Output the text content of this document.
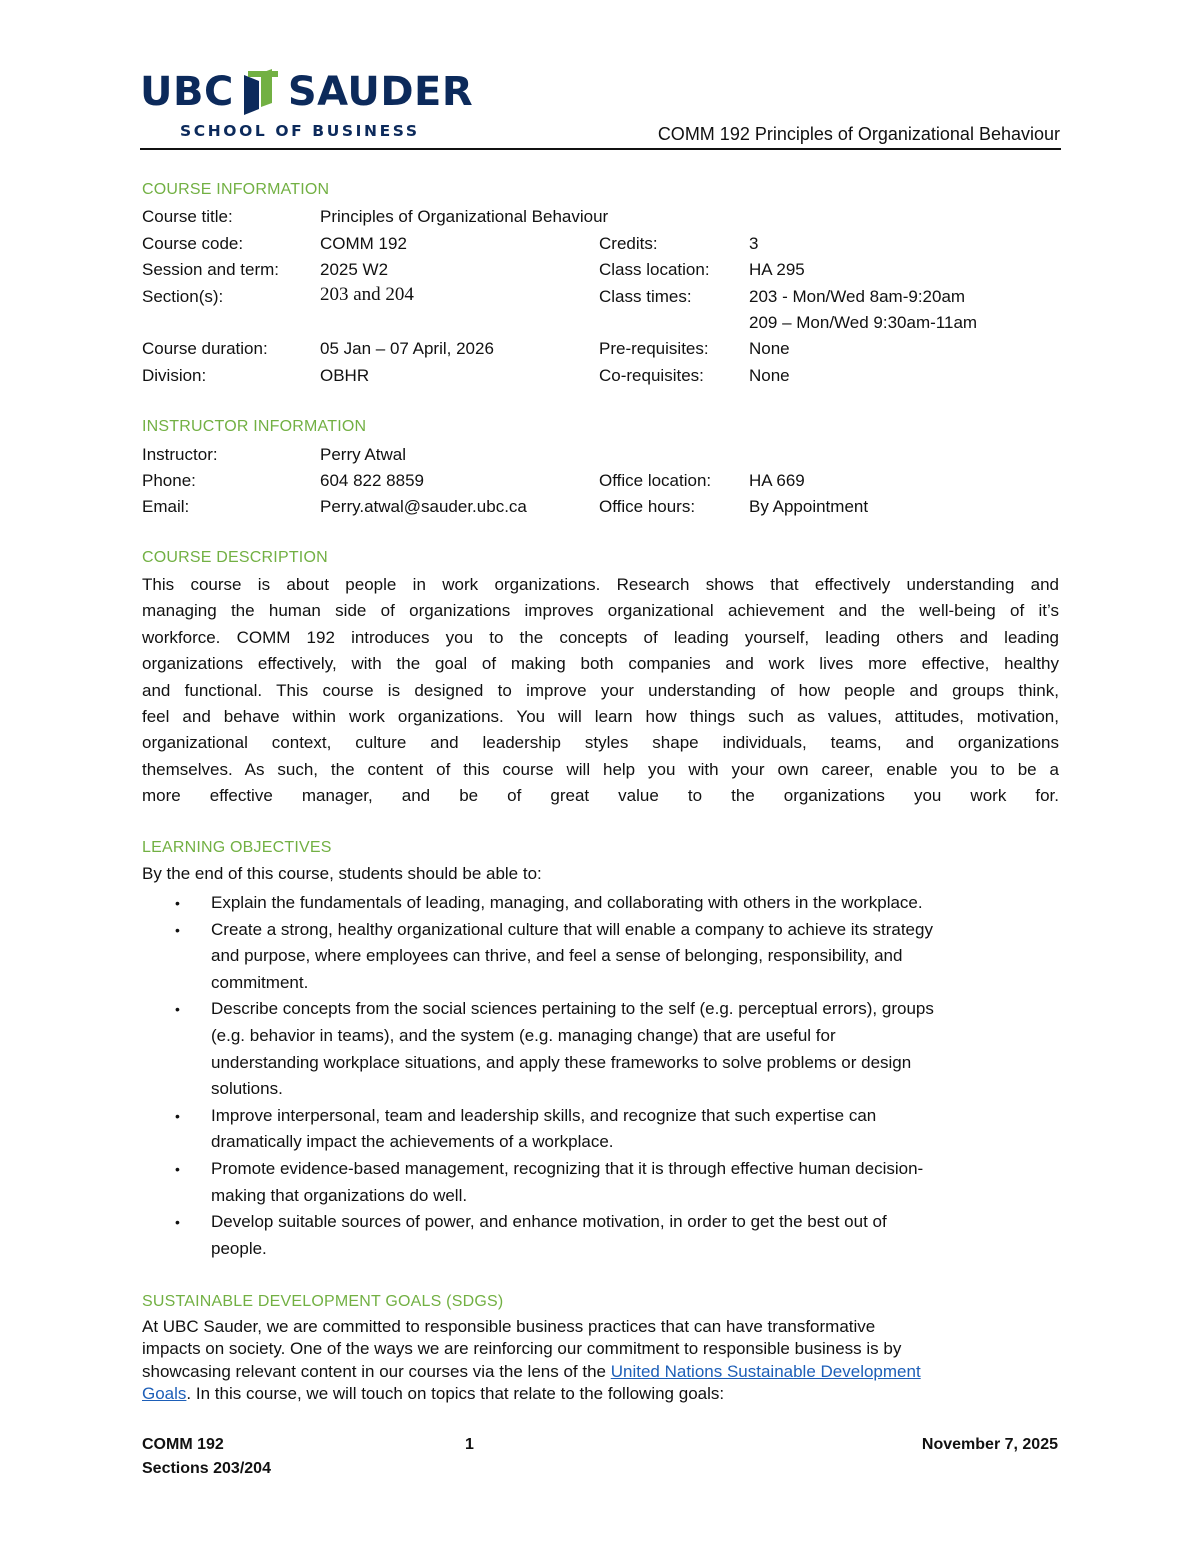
UBC SAUDER
SCHOOL OF BUSINESS	COMM 192 Principles of Organizational Behaviour
COURSE INFORMATION
Course title:	Principles of Organizational Behaviour
Course code:	COMM 192	Credits:	3
Session and term: 2025 W2	Class location: HA 295
Section(s):	203 and 204	Class times:	203 - Mon/Wed 8am-9:20am
209 – Mon/Wed 9:30am-11am
Course duration:	05 Jan – 07 April, 2026	Pre-requisites: None
Division:	OBHR	Co-requisites:	None
INSTRUCTOR INFORMATION
Instructor:	Perry Atwal
Phone:	604 822 8859	Office location: HA 669
Email:	Perry.atwal@sauder.ubc.ca	Office hours:	By Appointment
COURSE DESCRIPTION

This course is about people in work organizations. Research shows that effectively understanding and

managing the human side of organizations improves organizational achievement and the well-being of it’s

workforce. COMM 192 introduces you to the concepts of leading yourself, leading others and leading

organizations effectively, with the goal of making both companies and work lives more effective, healthy

and functional. This course is designed to improve your understanding of how people and groups think,

feel and behave within work organizations. You will learn how things such as values, attitudes, motivation,

organizational context, culture and leadership styles shape individuals, teams, and organizations

themselves. As such, the content of this course will help you with your own career, enable you to be a

more effective manager, and be of great value to the organizations you work for.

LEARNING OBJECTIVES
By the end of this course, students should be able to:
• Explain the fundamentals of leading, managing, and collaborating with others in the workplace.
• Create a strong, healthy organizational culture that will enable a company to achieve its strategy
and purpose, where employees can thrive, and feel a sense of belonging, responsibility, and
commitment.
• Describe concepts from the social sciences pertaining to the self (e.g. perceptual errors), groups
(e.g. behavior in teams), and the system (e.g. managing change) that are useful for
understanding workplace situations, and apply these frameworks to solve problems or design
solutions.
• Improve interpersonal, team and leadership skills, and recognize that such expertise can
dramatically impact the achievements of a workplace.
• Promote evidence-based management, recognizing that it is through effective human decision-
making that organizations do well.
• Develop suitable sources of power, and enhance motivation, in order to get the best out of
people.
SUSTAINABLE DEVELOPMENT GOALS (SDGS)
At UBC Sauder, we are committed to responsible business practices that can have transformative
impacts on society. One of the ways we are reinforcing our commitment to responsible business is by
showcasing relevant content in our courses via the lens of the United Nations Sustainable Development
Goals. In this course, we will touch on topics that relate to the following goals:
COMM 192
Sections 203/204
1	November 7, 2025
